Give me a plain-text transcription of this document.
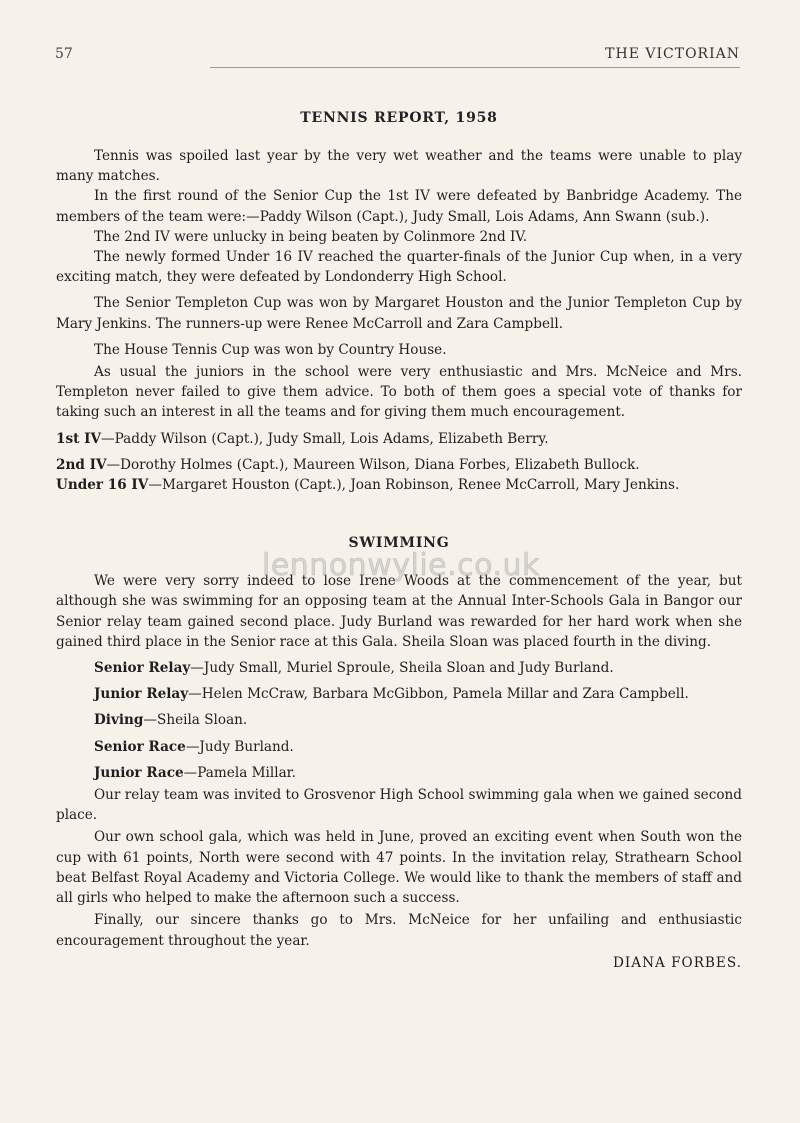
57	THE VICTORIAN
TENNIS REPORT, 1958

Tennis was spoiled last year by the very wet weather and the teams were unable to play many matches.

In the first round of the Senior Cup the 1st IV were defeated by Banbridge Academy. The members of the team were:—Paddy Wilson (Capt.), Judy Small, Lois Adams, Ann Swann (sub.).

The 2nd IV were unlucky in being beaten by Colinmore 2nd IV.

The newly formed Under 16 IV reached the quarter-finals of the Junior Cup when, in a very exciting match, they were defeated by Londonderry High School.

The Senior Templeton Cup was won by Margaret Houston and the Junior Templeton Cup by Mary Jenkins. The runners-up were Renee McCarroll and Zara Campbell.

The House Tennis Cup was won by Country House.

As usual the juniors in the school were very enthusiastic and Mrs. McNeice and Mrs. Templeton never failed to give them advice. To both of them goes a special vote of thanks for taking such an interest in all the teams and for giving them much encouragement.

1st IV—Paddy Wilson (Capt.), Judy Small, Lois Adams, Elizabeth Berry.

2nd IV—Dorothy Holmes (Capt.), Maureen Wilson, Diana Forbes, Elizabeth Bullock.

Under 16 IV—Margaret Houston (Capt.), Joan Robinson, Renee McCarroll, Mary Jenkins.

SWIMMING

We were very sorry indeed to lose Irene Woods at the commencement of the year, but although she was swimming for an opposing team at the Annual Inter-Schools Gala in Bangor our Senior relay team gained second place. Judy Burland was rewarded for her hard work when she gained third place in the Senior race at this Gala. Sheila Sloan was placed fourth in the diving.

Senior Relay—Judy Small, Muriel Sproule, Sheila Sloan and Judy Burland.

Junior Relay—Helen McCraw, Barbara McGibbon, Pamela Millar and Zara Campbell.

Diving—Sheila Sloan.

Senior Race—Judy Burland.

Junior Race—Pamela Millar.

Our relay team was invited to Grosvenor High School swimming gala when we gained second place.

Our own school gala, which was held in June, proved an exciting event when South won the cup with 61 points, North were second with 47 points. In the invitation relay, Strathearn School beat Belfast Royal Academy and Victoria College. We would like to thank the members of staff and all girls who helped to make the afternoon such a success.

Finally, our sincere thanks go to Mrs. McNeice for her unfailing and enthusiastic encouragement throughout the year.

DIANA FORBES.

lennonwylie.co.uk
